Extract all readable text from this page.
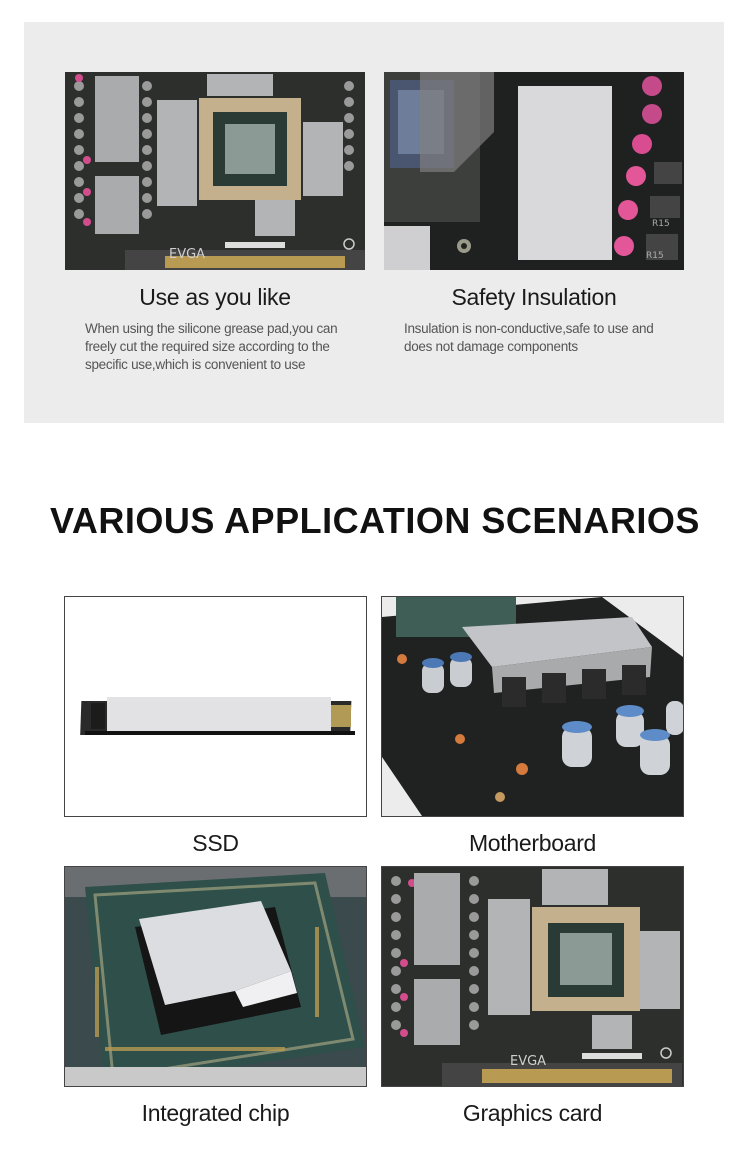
EVGA
Use as you like
When using the silicone grease pad,you can freely cut the required size according to the specific use,which is convenient to use
R15
R15
Safety Insulation
Insulation is non-conductive,safe to use and does not damage components
VARIOUS APPLICATION SCENARIOS
SSD	Motherboard
Integrated chip
EVGA
Graphics card
